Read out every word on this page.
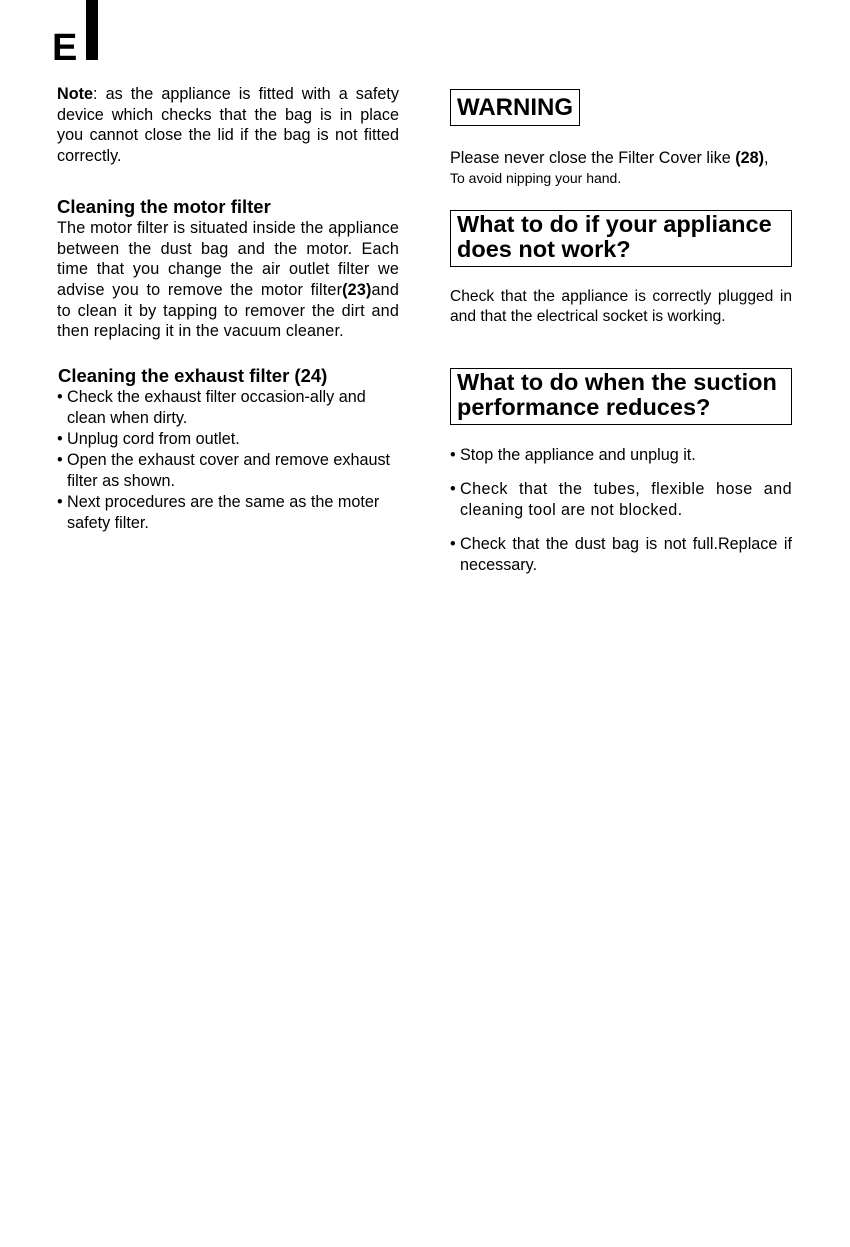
E

Note: as the appliance is fitted with a safety device which checks that the bag is in place you cannot close the lid if the bag is not fitted correctly.

Cleaning the motor filter

The motor filter is situated inside the appliance between the dust bag and the motor. Each time that you change the air outlet filter we advise you to remove the motor filter(23)and to clean it by tapping to remover the dirt and then replacing it in the vacuum cleaner.

Cleaning the exhaust filter (24)
• Check the exhaust filter occasion-ally and clean when dirty.
• Unplug cord from outlet.
• Open the exhaust cover and remove exhaust filter as shown.
• Next procedures are the same as the moter safety filter.
WARNING

Please never close the Filter Cover like (28),

To avoid nipping your hand.

What to do if your appliance does not work?

Check that the appliance is correctly plugged in and that the electrical socket is working.

What to do when the suction performance reduces?
• Stop the appliance and unplug it.
• Check that the tubes, flexible hose and cleaning tool are not blocked.
• Check that the dust bag is not full.Replace if necessary.
